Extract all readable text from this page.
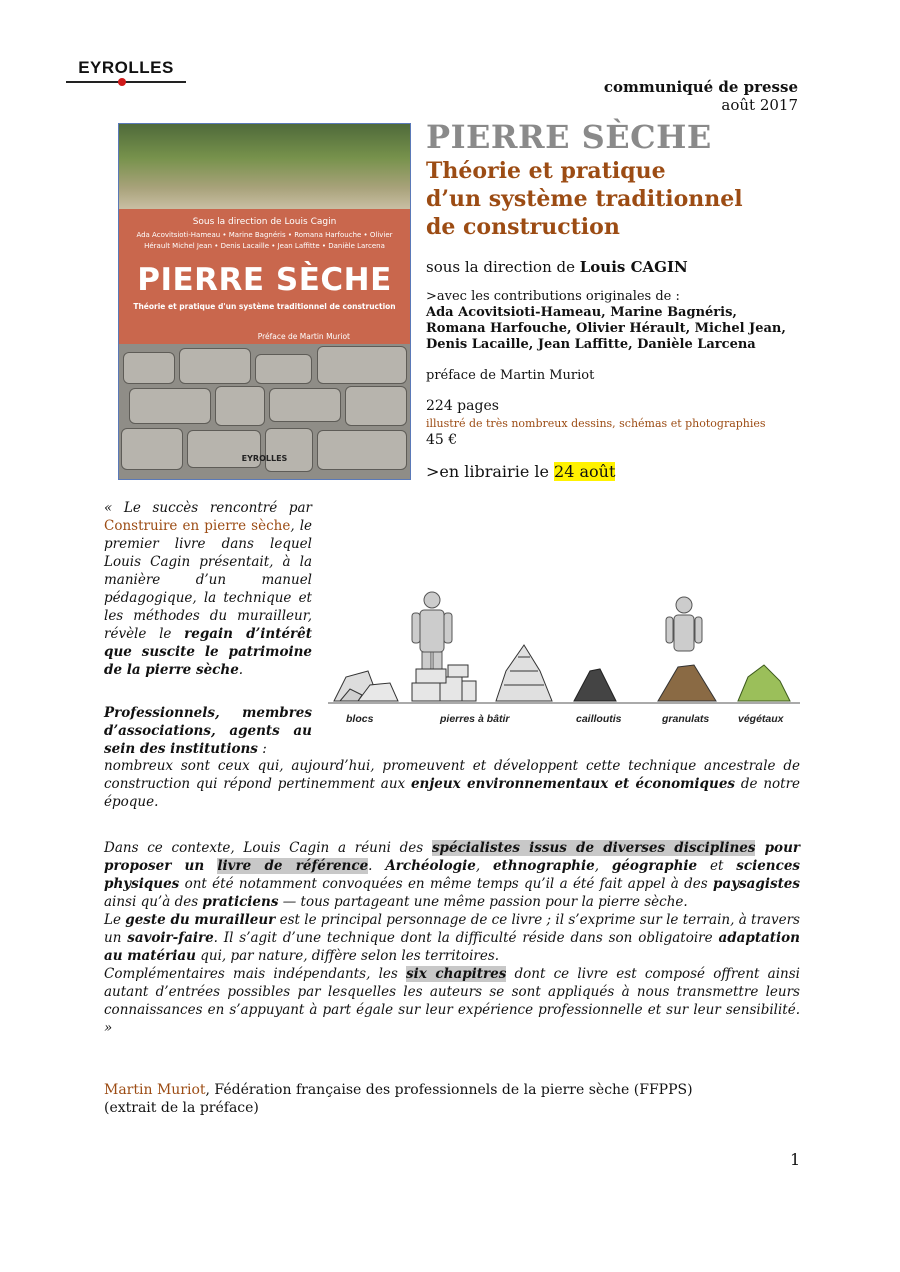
EYROLLES
communiqué de presse
août 2017
Sous la direction de Louis Cagin
Ada Acovitsioti-Hameau • Marine Bagnéris • Romana Harfouche • Olivier Hérault Michel Jean • Denis Lacaille • Jean Laffitte • Danièle Larcena
PIERRE SÈCHE
Théorie et pratique d'un système traditionnel de construction
Préface de Martin Muriot
EYROLLES
PIERRE SÈCHE
Théorie et pratique
d’un système traditionnel
de construction
sous la direction de Louis CAGIN
>avec les contributions originales de :
Ada Acovitsioti-Hameau, Marine Bagnéris, Romana Harfouche, Olivier Hérault, Michel Jean, Denis Lacaille, Jean Laffitte, Danièle Larcena
préface de Martin Muriot
224 pages
illustré de très nombreux dessins, schémas et photographies
45 €
>en librairie le 24 août
« Le succès rencontré par Construire en pierre sèche, le premier livre dans lequel Louis Cagin présentait, à la manière d’un manuel pédagogique, la technique et les méthodes du murailleur, révèle le regain d’intérêt que suscite le patrimoine de la pierre sèche.
Professionnels, membres d’associations, agents au sein des institutions :
blocs	pierres à bâtir	cailloutis	granulats	végétaux
nombreux sont ceux qui, aujourd’hui, promeuvent et développent cette technique ancestrale de construction qui répond pertinemment aux enjeux environnementaux et économiques de notre époque.
Dans ce contexte, Louis Cagin a réuni des spécialistes issus de diverses disciplines pour proposer un livre de référence. Archéologie, ethnographie, géographie et sciences physiques ont été notamment convoquées en même temps qu’il a été fait appel à des paysagistes ainsi qu’à des praticiens — tous partageant une même passion pour la pierre sèche.
Le geste du murailleur est le principal personnage de ce livre ; il s’exprime sur le terrain, à travers un savoir-faire. Il s’agit d’une technique dont la difficulté réside dans son obligatoire adaptation au matériau qui, par nature, diffère selon les territoires.
Complémentaires mais indépendants, les six chapitres dont ce livre est composé offrent ainsi autant d’entrées possibles par lesquelles les auteurs se sont appliqués à nous transmettre leurs connaissances en s’appuyant à part égale sur leur expérience professionnelle et sur leur sensibilité. »
Martin Muriot, Fédération française des professionnels de la pierre sèche (FFPPS)
(extrait de la préface)
1
